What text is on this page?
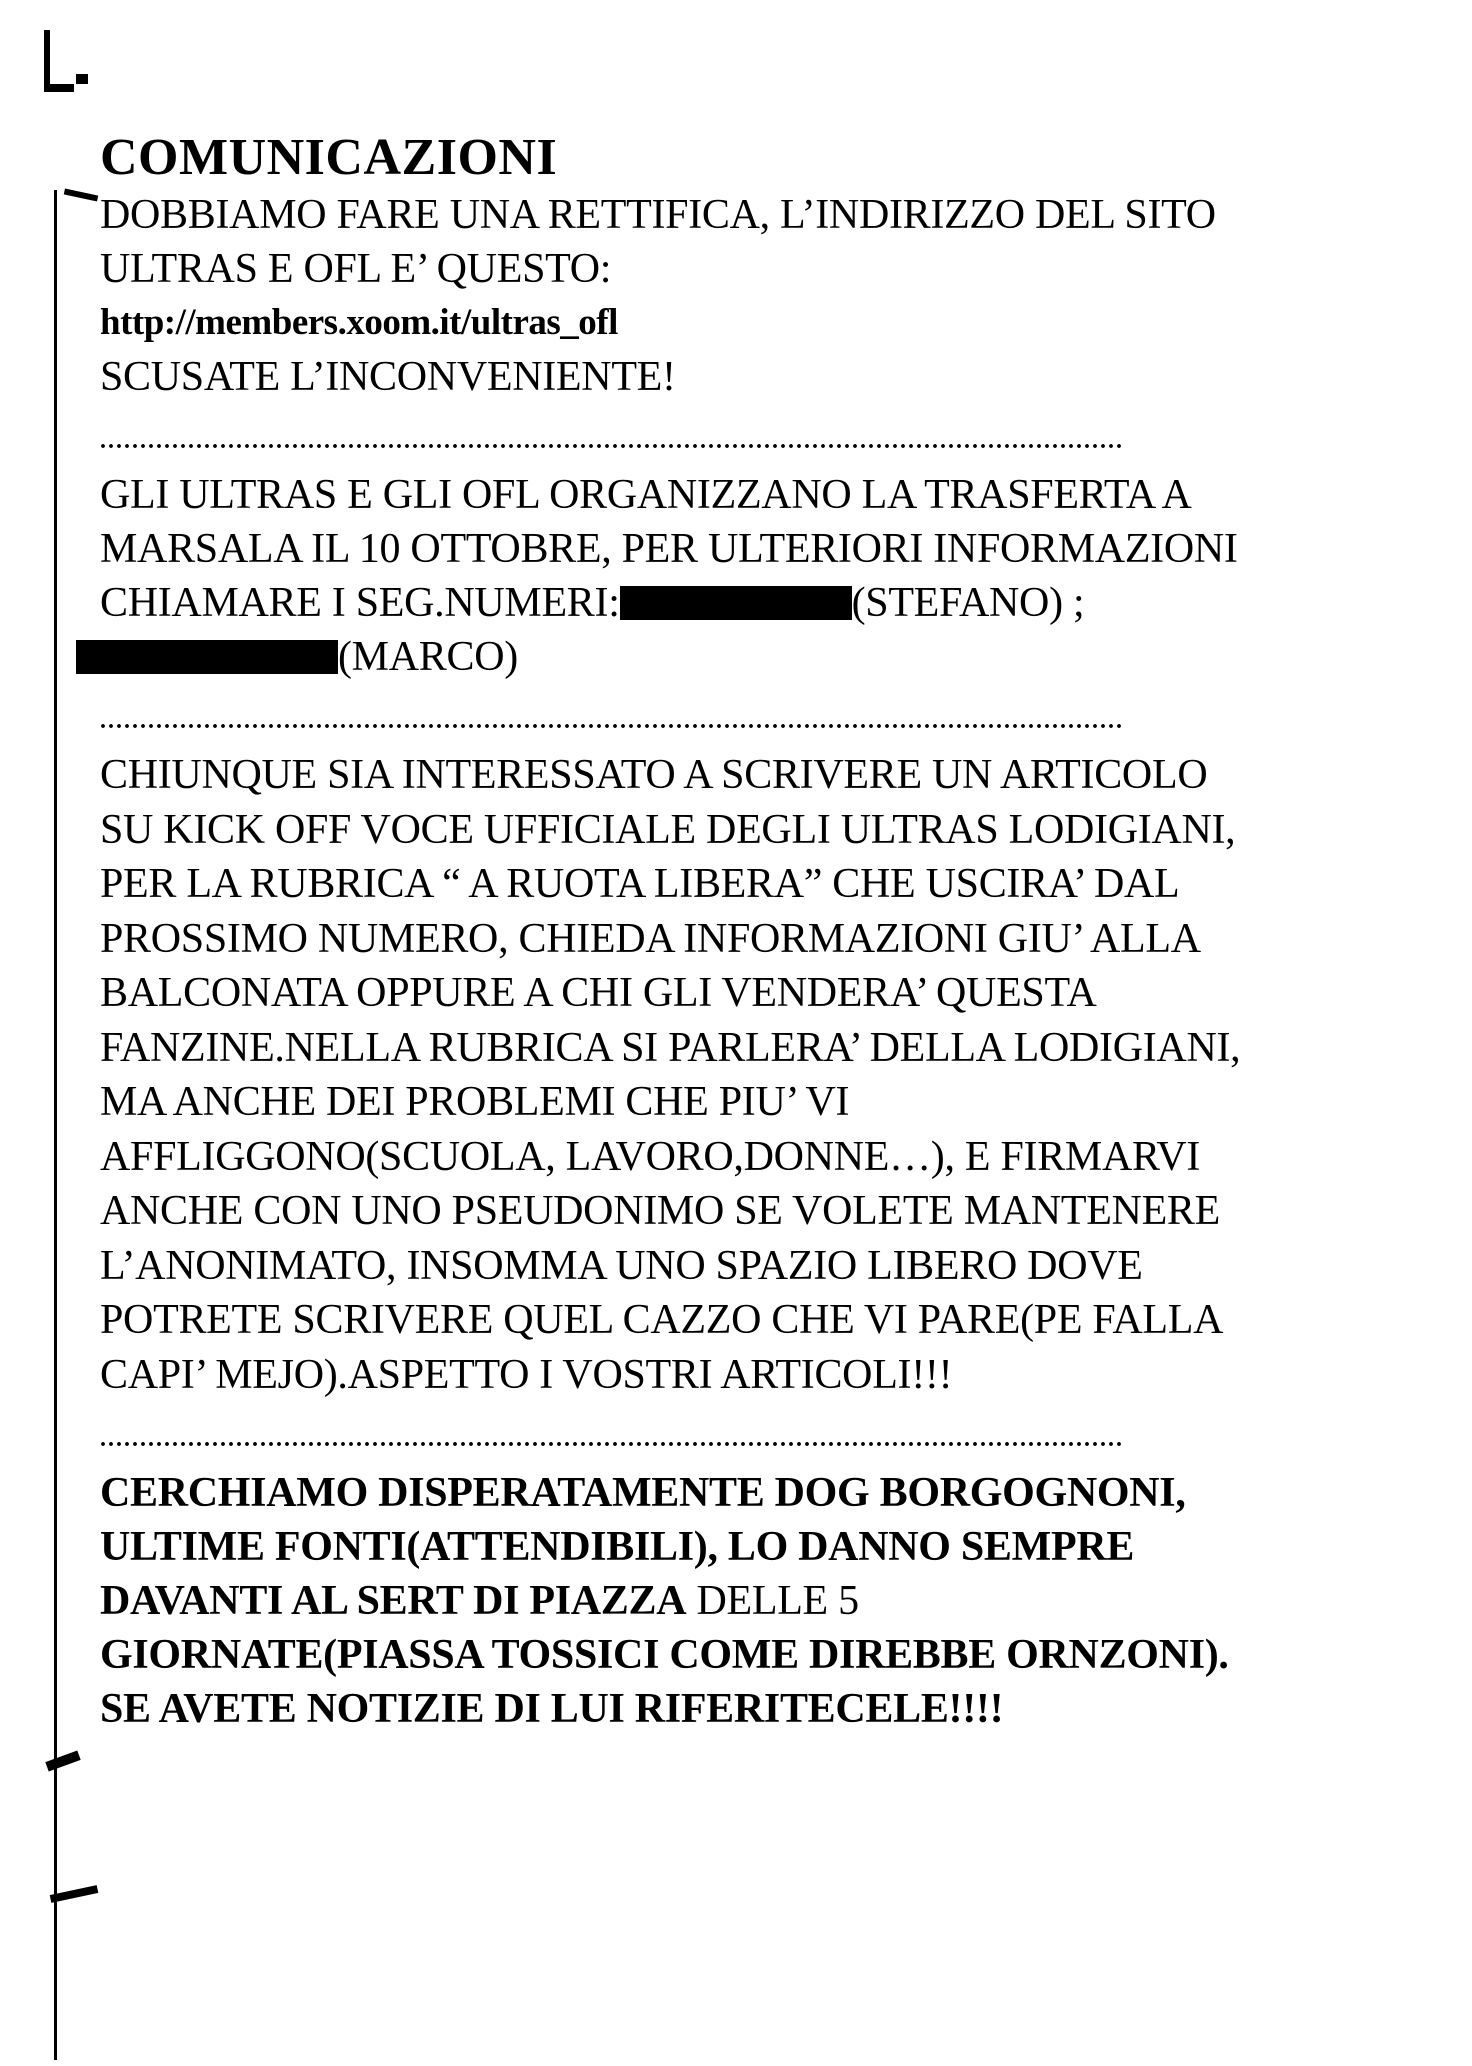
COMUNICAZIONI

DOBBIAMO FARE UNA RETTIFICA, L’INDIRIZZO DEL SITO

ULTRAS E OFL E’ QUESTO:

http://members.xoom.it/ultras_ofl

SCUSATE L’INCONVENIENTE!

................................................................................................................................

GLI ULTRAS E GLI OFL ORGANIZZANO LA TRASFERTA A

MARSALA IL 10 OTTOBRE, PER ULTERIORI INFORMAZIONI

CHIAMARE I SEG.NUMERI:	(STEFANO) ;

(MARCO)

................................................................................................................................

CHIUNQUE SIA INTERESSATO A SCRIVERE UN ARTICOLO

SU KICK OFF VOCE UFFICIALE DEGLI ULTRAS LODIGIANI,

PER LA RUBRICA “ A RUOTA LIBERA” CHE USCIRA’ DAL

PROSSIMO NUMERO, CHIEDA INFORMAZIONI GIU’ ALLA

BALCONATA OPPURE A CHI GLI VENDERA’ QUESTA

FANZINE.NELLA RUBRICA SI PARLERA’ DELLA LODIGIANI,

MA ANCHE DEI PROBLEMI CHE PIU’ VI

AFFLIGGONO(SCUOLA, LAVORO,DONNE…), E FIRMARVI

ANCHE CON UNO PSEUDONIMO SE VOLETE MANTENERE

L’ANONIMATO, INSOMMA UNO SPAZIO LIBERO DOVE

POTRETE SCRIVERE QUEL CAZZO CHE VI PARE(PE FALLA

CAPI’ MEJO).ASPETTO I VOSTRI ARTICOLI!!!

................................................................................................................................

CERCHIAMO DISPERATAMENTE DOG BORGOGNONI,

ULTIME FONTI(ATTENDIBILI), LO DANNO SEMPRE

DAVANTI AL SERT DI PIAZZA DELLE 5

GIORNATE(PIASSA TOSSICI COME DIREBBE ORNZONI).

SE AVETE NOTIZIE DI LUI RIFERITECELE!!!!
